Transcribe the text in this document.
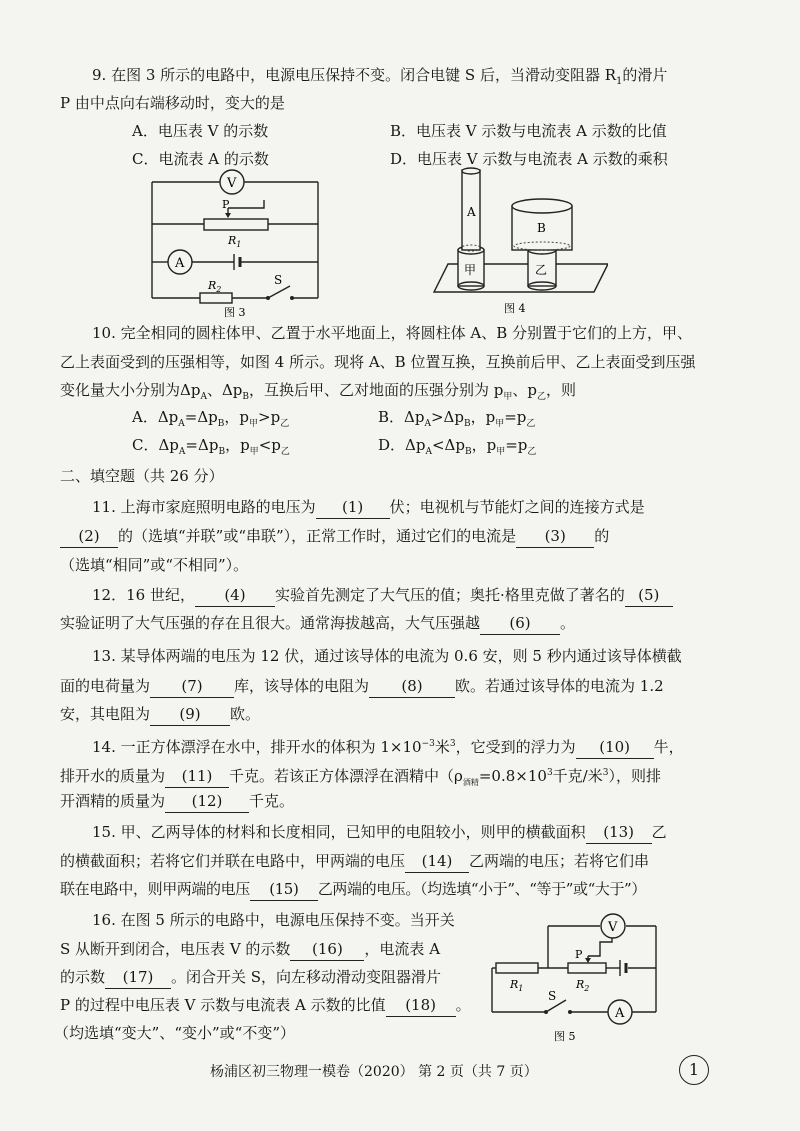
9. 在图 3 所示的电路中，电源电压保持不变。闭合电键 S 后，当滑动变阻器 $R_1$的滑片
P 由中点向右端移动时，变大的是
A．电压表 V 的示数	B．电压表 V 示数与电流表 A 示数的比值
C．电流表 A 的示数	D．电压表 V 示数与电流表 A 示数的乘积
V
A
P
$R_1$
$R_2$
S
图 3
A
B
甲	乙
图 4
10. 完全相同的圆柱体甲、乙置于水平地面上，将圆柱体 A、B 分别置于它们的上方，甲、
乙上表面受到的压强相等，如图 4 所示。现将 A、B 位置互换，互换前后甲、乙上表面受到压强
变化量大小分别为$\Delta p_A$、$\Delta p_B$，互换后甲、乙对地面的压强分别为 $p_甲$、$p_乙$，则
A．$\Delta p_A=\Delta p_B$，$p_甲>p_乙$	B．$\Delta p_A>\Delta p_B$，$p_甲=p_乙$
C．$\Delta p_A=\Delta p_B$，$p_甲<p_乙$	D．$\Delta p_A<\Delta p_B$，$p_甲=p_乙$
二、填空题（共 26 分）
11. 上海市家庭照明电路的电压为 (1) 伏；电视机与节能灯之间的连接方式是
(2) 的（选填“并联”或“串联”），正常工作时，通过它们的电流是 (3) 的
（选填“相同”或“不相同”）。
12．16 世纪， (4) 实验首先测定了大气压的值；奥托·格里克做了著名的 (5)
实验证明了大气压强的存在且很大。通常海拔越高，大气压强越 (6) 。
13. 某导体两端的电压为 12 伏，通过该导体的电流为 0.6 安，则 5 秒内通过该导体横截
面的电荷量为 (7) 库，该导体的电阻为 (8) 欧。若通过该导体的电流为 1.2
安，其电阻为 (9) 欧。
14. 一正方体漂浮在水中，排开水的体积为 $1\times 10^{-3}$米$^3$，它受到的浮力为 (10) 牛，
排开水的质量为 (11) 千克。若该正方体漂浮在酒精中（$\rho_{酒精}=0.8\times 10^3$千克/米$^3$），则排
开酒精的质量为 (12) 千克。
15. 甲、乙两导体的材料和长度相同，已知甲的电阻较小，则甲的横截面积 (13) 乙
的横截面积；若将它们并联在电路中，甲两端的电压 (14) 乙两端的电压；若将它们串
联在电路中，则甲两端的电压 (15) 乙两端的电压。（均选填“小于”、“等于”或“大于”）
16. 在图 5 所示的电路中，电源电压保持不变。当开关
S 从断开到闭合，电压表 V 的示数 (16) ，电流表 A
的示数 (17) 。闭合开关 S，向左移动滑动变阻器滑片
P 的过程中电压表 V 示数与电流表 A 示数的比值 (18) 。
（均选填“变大”、“变小”或“不变”）
V
A
P
$R_1$	$R_2$
S
图 5
杨浦区初三物理一模卷（2020） 第 2 页（共 7 页）	1
